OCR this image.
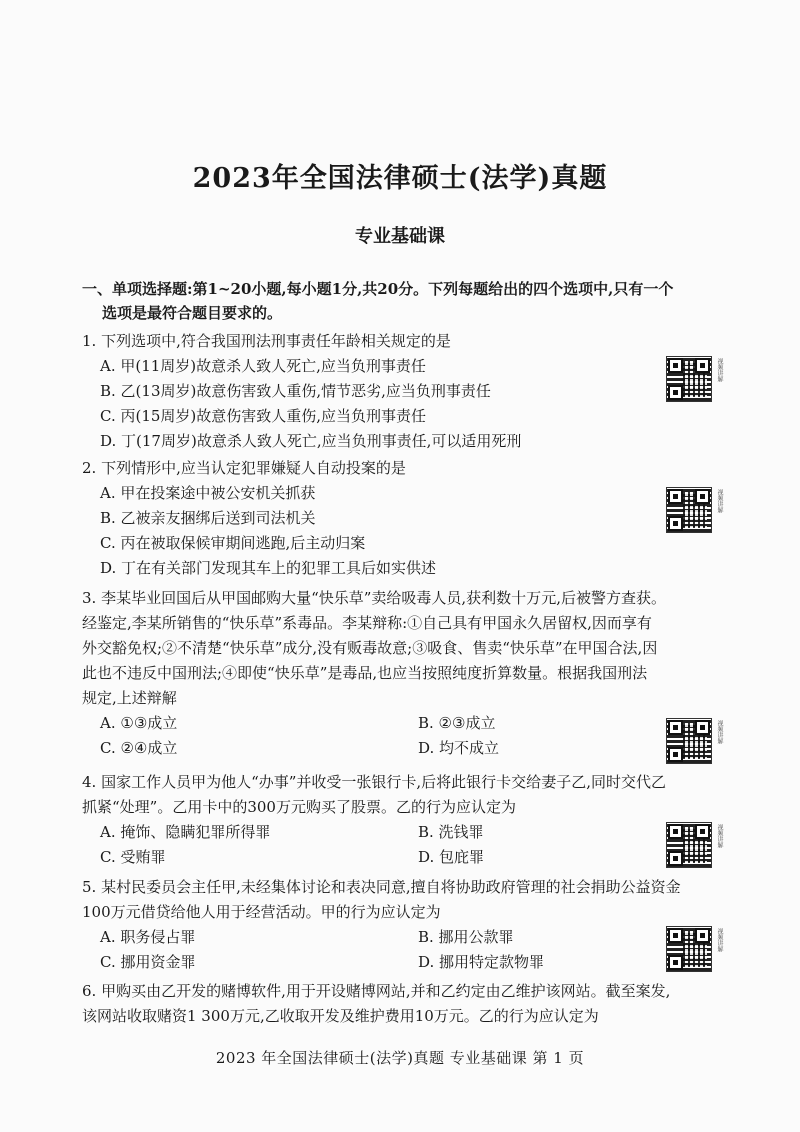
2023年全国法律硕士(法学)真题
专业基础课
一、单项选择题:第1~20小题,每小题1分,共20分。下列每题给出的四个选项中,只有一个
选项是最符合题目要求的。
1. 下列选项中,符合我国刑法刑事责任年龄相关规定的是
A. 甲(11周岁)故意杀人致人死亡,应当负刑事责任
B. 乙(13周岁)故意伤害致人重伤,情节恶劣,应当负刑事责任
C. 丙(15周岁)故意伤害致人重伤,应当负刑事责任
D. 丁(17周岁)故意杀人致人死亡,应当负刑事责任,可以适用死刑
视频讲解
2. 下列情形中,应当认定犯罪嫌疑人自动投案的是
A. 甲在投案途中被公安机关抓获
B. 乙被亲友捆绑后送到司法机关
C. 丙在被取保候审期间逃跑,后主动归案
D. 丁在有关部门发现其车上的犯罪工具后如实供述
视频讲解
3. 李某毕业回国后从甲国邮购大量“快乐草”卖给吸毒人员,获利数十万元,后被警方查获。
经鉴定,李某所销售的“快乐草”系毒品。李某辩称:①自己具有甲国永久居留权,因而享有
外交豁免权;②不清楚“快乐草”成分,没有贩毒故意;③吸食、售卖“快乐草”在甲国合法,因
此也不违反中国刑法;④即使“快乐草”是毒品,也应当按照纯度折算数量。根据我国刑法
规定,上述辩解
A. ①③成立	B. ②③成立
C. ②④成立	D. 均不成立
视频讲解
4. 国家工作人员甲为他人“办事”并收受一张银行卡,后将此银行卡交给妻子乙,同时交代乙
抓紧“处理”。乙用卡中的300万元购买了股票。乙的行为应认定为
A. 掩饰、隐瞒犯罪所得罪	B. 洗钱罪
C. 受贿罪	D. 包庇罪
视频讲解
5. 某村民委员会主任甲,未经集体讨论和表决同意,擅自将协助政府管理的社会捐助公益资金
100万元借贷给他人用于经营活动。甲的行为应认定为
A. 职务侵占罪	B. 挪用公款罪
C. 挪用资金罪	D. 挪用特定款物罪
视频讲解
6. 甲购买由乙开发的赌博软件,用于开设赌博网站,并和乙约定由乙维护该网站。截至案发,
该网站收取赌资1 300万元,乙收取开发及维护费用10万元。乙的行为应认定为
2023 年全国法律硕士(法学)真题 专业基础课 第 1 页
